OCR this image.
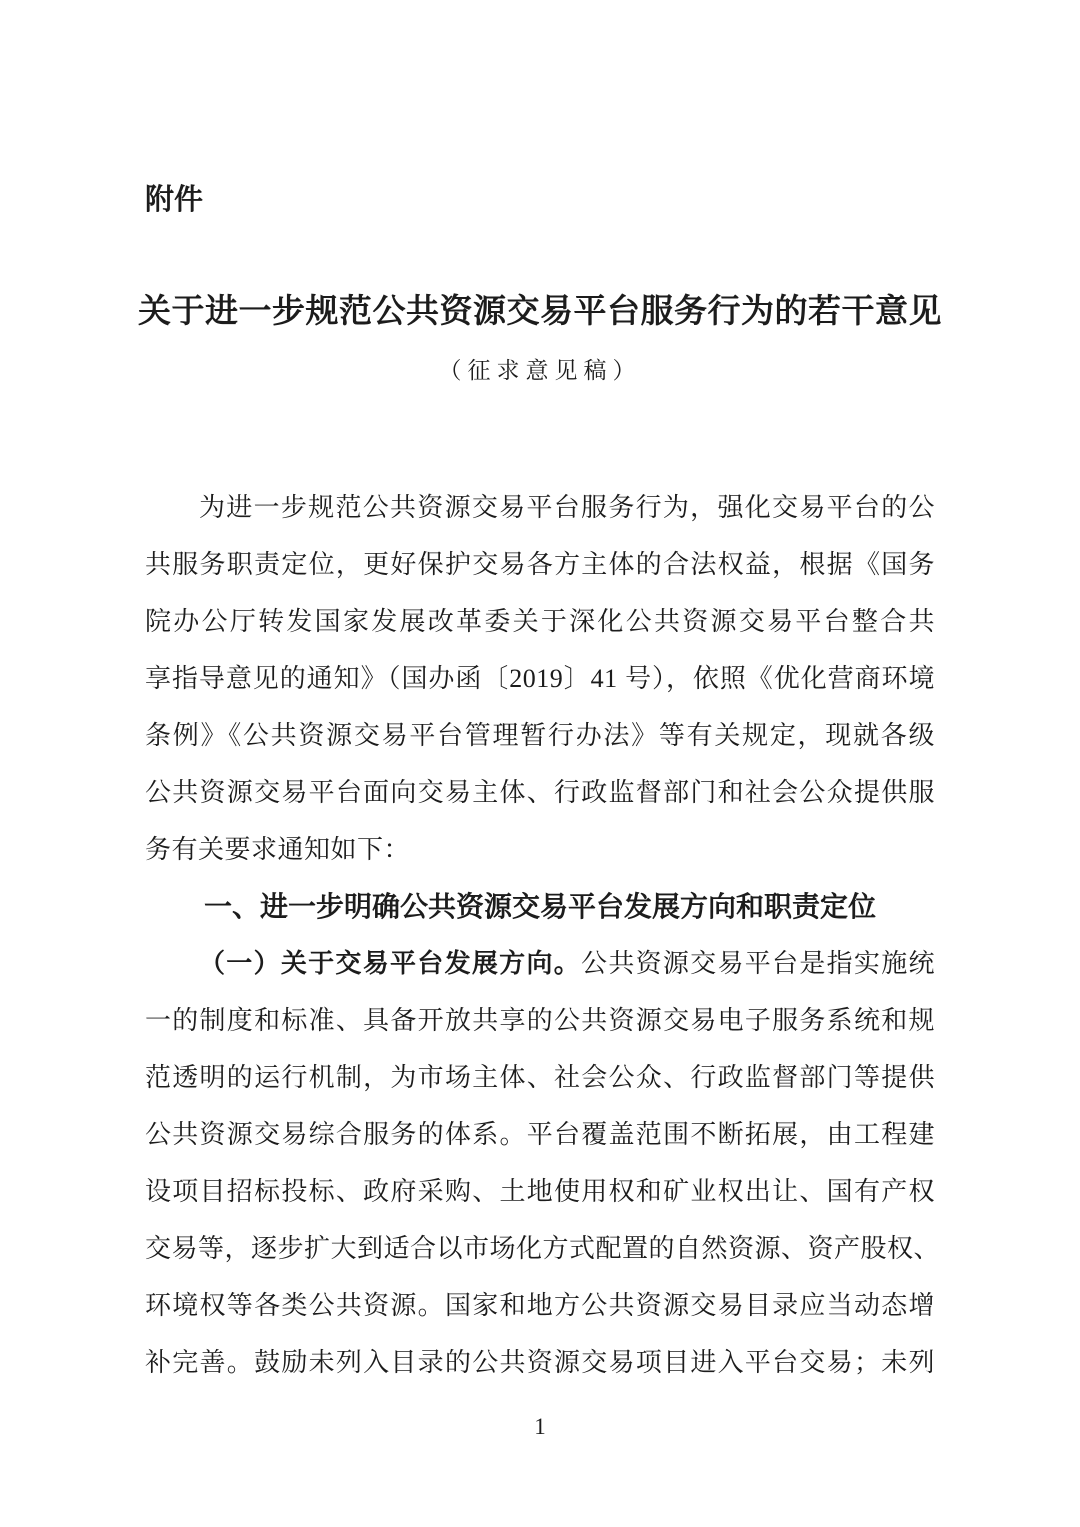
附件
关于进一步规范公共资源交易平台服务行为的若干意见
（征求意见稿）
为进一步规范公共资源交易平台服务行为，强化交易平台的公
共服务职责定位，更好保护交易各方主体的合法权益，根据《国务
院办公厅转发国家发展改革委关于深化公共资源交易平台整合共
享指导意见的通知》（国办函〔2019〕41 号），依照《优化营商环境
条例》《公共资源交易平台管理暂行办法》等有关规定，现就各级
公共资源交易平台面向交易主体、行政监督部门和社会公众提供服
务有关要求通知如下：
一、进一步明确公共资源交易平台发展方向和职责定位
（一）关于交易平台发展方向。公共资源交易平台是指实施统
一的制度和标准、具备开放共享的公共资源交易电子服务系统和规
范透明的运行机制，为市场主体、社会公众、行政监督部门等提供
公共资源交易综合服务的体系。平台覆盖范围不断拓展，由工程建
设项目招标投标、政府采购、土地使用权和矿业权出让、国有产权
交易等，逐步扩大到适合以市场化方式配置的自然资源、资产股权、
环境权等各类公共资源。国家和地方公共资源交易目录应当动态增
补完善。鼓励未列入目录的公共资源交易项目进入平台交易；未列
1
